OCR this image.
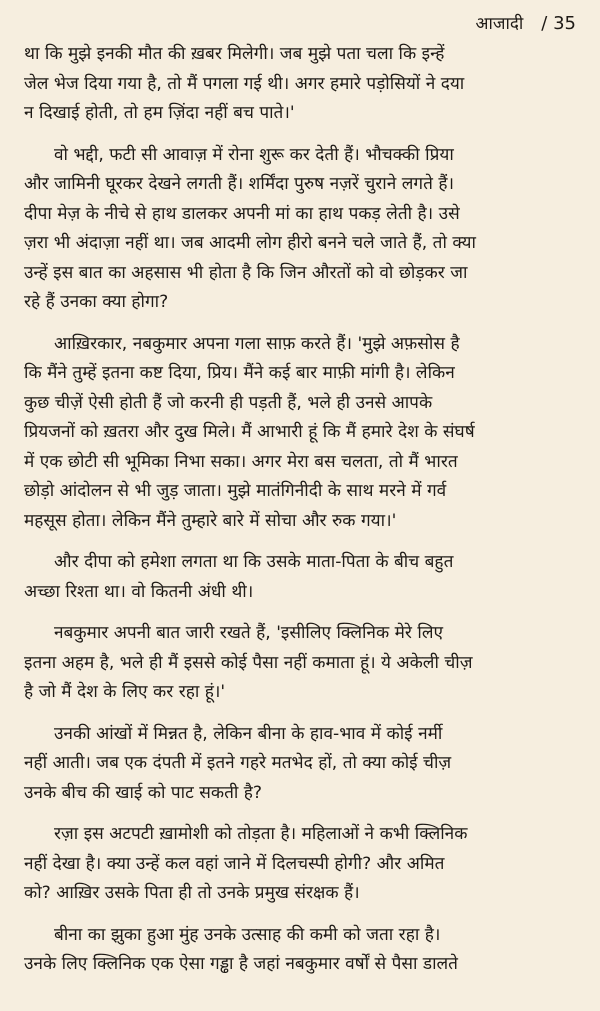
आजादी / 35

था कि मुझे इनकी मौत की ख़बर मिलेगी। जब मुझे पता चला कि इन्हें
जेल भेज दिया गया है, तो मैं पगला गई थी। अगर हमारे पड़ोसियों ने दया
न दिखाई होती, तो हम ज़िंदा नहीं बच पाते।'

वो भद्दी, फटी सी आवाज़ में रोना शुरू कर देती हैं। भौचक्की प्रिया
और जामिनी घूरकर देखने लगती हैं। शर्मिंदा पुरुष नज़रें चुराने लगते हैं।
दीपा मेज़ के नीचे से हाथ डालकर अपनी मां का हाथ पकड़ लेती है। उसे
ज़रा भी अंदाज़ा नहीं था। जब आदमी लोग हीरो बनने चले जाते हैं, तो क्या
उन्हें इस बात का अहसास भी होता है कि जिन औरतों को वो छोड़कर जा
रहे हैं उनका क्या होगा?

आख़िरकार, नबकुमार अपना गला साफ़ करते हैं। 'मुझे अफ़सोस है
कि मैंने तुम्हें इतना कष्ट दिया, प्रिय। मैंने कई बार माफ़ी मांगी है। लेकिन
कुछ चीज़ें ऐसी होती हैं जो करनी ही पड़ती हैं, भले ही उनसे आपके
प्रियजनों को ख़तरा और दुख मिले। मैं आभारी हूं कि मैं हमारे देश के संघर्ष
में एक छोटी सी भूमिका निभा सका। अगर मेरा बस चलता, तो मैं भारत
छोड़ो आंदोलन से भी जुड़ जाता। मुझे मातंगिनीदी के साथ मरने में गर्व
महसूस होता। लेकिन मैंने तुम्हारे बारे में सोचा और रुक गया।'

और दीपा को हमेशा लगता था कि उसके माता-पिता के बीच बहुत
अच्छा रिश्ता था। वो कितनी अंधी थी।

नबकुमार अपनी बात जारी रखते हैं, 'इसीलिए क्लिनिक मेरे लिए
इतना अहम है, भले ही मैं इससे कोई पैसा नहीं कमाता हूं। ये अकेली चीज़
है जो मैं देश के लिए कर रहा हूं।'

उनकी आंखों में मिन्नत है, लेकिन बीना के हाव-भाव में कोई नर्मी
नहीं आती। जब एक दंपती में इतने गहरे मतभेद हों, तो क्या कोई चीज़
उनके बीच की खाई को पाट सकती है?

रज़ा इस अटपटी ख़ामोशी को तोड़ता है। महिलाओं ने कभी क्लिनिक
नहीं देखा है। क्या उन्हें कल वहां जाने में दिलचस्पी होगी? और अमित
को? आख़िर उसके पिता ही तो उनके प्रमुख संरक्षक हैं।

बीना का झुका हुआ मुंह उनके उत्साह की कमी को जता रहा है।
उनके लिए क्लिनिक एक ऐसा गड्ढा है जहां नबकुमार वर्षों से पैसा डालते
